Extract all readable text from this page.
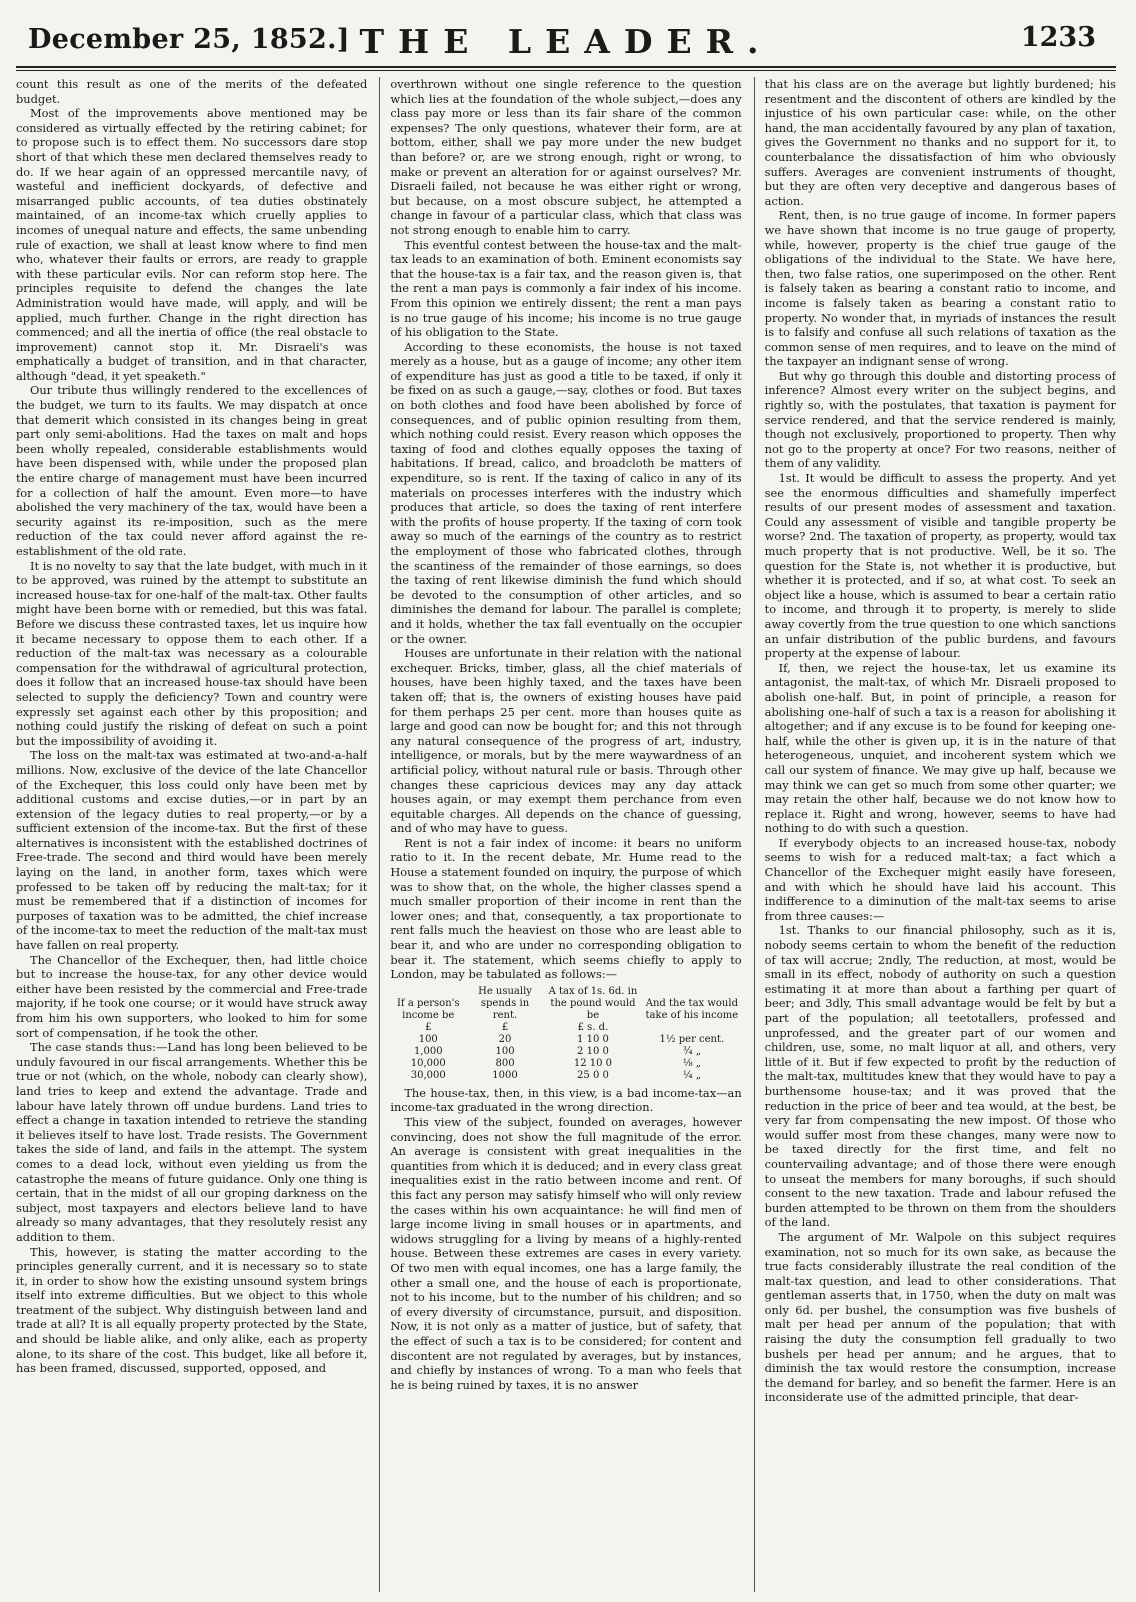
December 25, 1852.] THE LEADER.	1233

count this result as one of the merits of the defeated budget.

Most of the improvements above mentioned may be considered as virtually effected by the retiring cabinet; for to propose such is to effect them. No successors dare stop short of that which these men declared themselves ready to do. If we hear again of an oppressed mercantile navy, of wasteful and inefficient dockyards, of defective and misarranged public accounts, of tea duties obstinately maintained, of an income-tax which cruelly applies to incomes of unequal nature and effects, the same unbending rule of exaction, we shall at least know where to find men who, whatever their faults or errors, are ready to grapple with these particular evils. Nor can reform stop here. The principles requisite to defend the changes the late Administration would have made, will apply, and will be applied, much further. Change in the right direction has commenced; and all the inertia of office (the real obstacle to improvement) cannot stop it. Mr. Disraeli's was emphatically a budget of transition, and in that character, although "dead, it yet speaketh."

Our tribute thus willingly rendered to the excellences of the budget, we turn to its faults. We may dispatch at once that demerit which consisted in its changes being in great part only semi-abolitions. Had the taxes on malt and hops been wholly repealed, considerable establishments would have been dispensed with, while under the proposed plan the entire charge of management must have been incurred for a collection of half the amount. Even more—to have abolished the very machinery of the tax, would have been a security against its re-imposition, such as the mere reduction of the tax could never afford against the re-establishment of the old rate.

It is no novelty to say that the late budget, with much in it to be approved, was ruined by the attempt to substitute an increased house-tax for one-half of the malt-tax. Other faults might have been borne with or remedied, but this was fatal. Before we discuss these contrasted taxes, let us inquire how it became necessary to oppose them to each other. If a reduction of the malt-tax was necessary as a colourable compensation for the withdrawal of agricultural protection, does it follow that an increased house-tax should have been selected to supply the deficiency? Town and country were expressly set against each other by this proposition; and nothing could justify the risking of defeat on such a point but the impossibility of avoiding it.

The loss on the malt-tax was estimated at two-and-a-half millions. Now, exclusive of the device of the late Chancellor of the Exchequer, this loss could only have been met by additional customs and excise duties,—or in part by an extension of the legacy duties to real property,—or by a sufficient extension of the income-tax. But the first of these alternatives is inconsistent with the established doctrines of Free-trade. The second and third would have been merely laying on the land, in another form, taxes which were professed to be taken off by reducing the malt-tax; for it must be remembered that if a distinction of incomes for purposes of taxation was to be admitted, the chief increase of the income-tax to meet the reduction of the malt-tax must have fallen on real property.

The Chancellor of the Exchequer, then, had little choice but to increase the house-tax, for any other device would either have been resisted by the commercial and Free-trade majority, if he took one course; or it would have struck away from him his own supporters, who looked to him for some sort of compensation, if he took the other.

The case stands thus:—Land has long been believed to be unduly favoured in our fiscal arrangements. Whether this be true or not (which, on the whole, nobody can clearly show), land tries to keep and extend the advantage. Trade and labour have lately thrown off undue burdens. Land tries to effect a change in taxation intended to retrieve the standing it believes itself to have lost. Trade resists. The Government takes the side of land, and fails in the attempt. The system comes to a dead lock, without even yielding us from the catastrophe the means of future guidance. Only one thing is certain, that in the midst of all our groping darkness on the subject, most taxpayers and electors believe land to have already so many advantages, that they resolutely resist any addition to them.

This, however, is stating the matter according to the principles generally current, and it is necessary so to state it, in order to show how the existing unsound system brings itself into extreme difficulties. But we object to this whole treatment of the subject. Why distinguish between land and trade at all? It is all equally property protected by the State, and should be liable alike, and only alike, each as property alone, to its share of the cost. This budget, like all before it, has been framed, discussed, supported, opposed, and

overthrown without one single reference to the question which lies at the foundation of the whole subject,—does any class pay more or less than its fair share of the common expenses? The only questions, whatever their form, are at bottom, either, shall we pay more under the new budget than before? or, are we strong enough, right or wrong, to make or prevent an alteration for or against ourselves? Mr. Disraeli failed, not because he was either right or wrong, but because, on a most obscure subject, he attempted a change in favour of a particular class, which that class was not strong enough to enable him to carry.

This eventful contest between the house-tax and the malt-tax leads to an examination of both. Eminent economists say that the house-tax is a fair tax, and the reason given is, that the rent a man pays is commonly a fair index of his income. From this opinion we entirely dissent; the rent a man pays is no true gauge of his income; his income is no true gauge of his obligation to the State.

According to these economists, the house is not taxed merely as a house, but as a gauge of income; any other item of expenditure has just as good a title to be taxed, if only it be fixed on as such a gauge,—say, clothes or food. But taxes on both clothes and food have been abolished by force of consequences, and of public opinion resulting from them, which nothing could resist. Every reason which opposes the taxing of food and clothes equally opposes the taxing of habitations. If bread, calico, and broadcloth be matters of expenditure, so is rent. If the taxing of calico in any of its materials on processes interferes with the industry which produces that article, so does the taxing of rent interfere with the profits of house property. If the taxing of corn took away so much of the earnings of the country as to restrict the employment of those who fabricated clothes, through the scantiness of the remainder of those earnings, so does the taxing of rent likewise diminish the fund which should be devoted to the consumption of other articles, and so diminishes the demand for labour. The parallel is complete; and it holds, whether the tax fall eventually on the occupier or the owner.

Houses are unfortunate in their relation with the national exchequer. Bricks, timber, glass, all the chief materials of houses, have been highly taxed, and the taxes have been taken off; that is, the owners of existing houses have paid for them perhaps 25 per cent. more than houses quite as large and good can now be bought for; and this not through any natural consequence of the progress of art, industry, intelligence, or morals, but by the mere waywardness of an artificial policy, without natural rule or basis. Through other changes these capricious devices may any day attack houses again, or may exempt them perchance from even equitable charges. All depends on the chance of guessing, and of who may have to guess.

Rent is not a fair index of income: it bears no uniform ratio to it. In the recent debate, Mr. Hume read to the House a statement founded on inquiry, the purpose of which was to show that, on the whole, the higher classes spend a much smaller proportion of their income in rent than the lower ones; and that, consequently, a tax proportionate to rent falls much the heaviest on those who are least able to bear it, and who are under no corresponding obligation to bear it. The statement, which seems chiefly to apply to London, may be tabulated as follows:—

If a person's income be	He usually spends in rent.	A tax of 1s. 6d. in the pound would be	And the tax would take of his income
£	£	£ s. d.	
100	20	1 10 0	1½ per cent.
1,000	100	2 10 0	¾ „
10,000	800	12 10 0	⅛ „
30,000	1000	25 0 0	¼ „

The house-tax, then, in this view, is a bad income-tax—an income-tax graduated in the wrong direction.

This view of the subject, founded on averages, however convincing, does not show the full magnitude of the error. An average is consistent with great inequalities in the quantities from which it is deduced; and in every class great inequalities exist in the ratio between income and rent. Of this fact any person may satisfy himself who will only review the cases within his own acquaintance: he will find men of large income living in small houses or in apartments, and widows struggling for a living by means of a highly-rented house. Between these extremes are cases in every variety. Of two men with equal incomes, one has a large family, the other a small one, and the house of each is proportionate, not to his income, but to the number of his children; and so of every diversity of circumstance, pursuit, and disposition. Now, it is not only as a matter of justice, but of safety, that the effect of such a tax is to be considered; for content and discontent are not regulated by averages, but by instances, and chiefly by instances of wrong. To a man who feels that he is being ruined by taxes, it is no answer

that his class are on the average but lightly burdened; his resentment and the discontent of others are kindled by the injustice of his own particular case: while, on the other hand, the man accidentally favoured by any plan of taxation, gives the Government no thanks and no support for it, to counterbalance the dissatisfaction of him who obviously suffers. Averages are convenient instruments of thought, but they are often very deceptive and dangerous bases of action.

Rent, then, is no true gauge of income. In former papers we have shown that income is no true gauge of property, while, however, property is the chief true gauge of the obligations of the individual to the State. We have here, then, two false ratios, one superimposed on the other. Rent is falsely taken as bearing a constant ratio to income, and income is falsely taken as bearing a constant ratio to property. No wonder that, in myriads of instances the result is to falsify and confuse all such relations of taxation as the common sense of men requires, and to leave on the mind of the taxpayer an indignant sense of wrong.

But why go through this double and distorting process of inference? Almost every writer on the subject begins, and rightly so, with the postulates, that taxation is payment for service rendered, and that the service rendered is mainly, though not exclusively, proportioned to property. Then why not go to the property at once? For two reasons, neither of them of any validity.

1st. It would be difficult to assess the property. And yet see the enormous difficulties and shamefully imperfect results of our present modes of assessment and taxation. Could any assessment of visible and tangible property be worse? 2nd. The taxation of property, as property, would tax much property that is not productive. Well, be it so. The question for the State is, not whether it is productive, but whether it is protected, and if so, at what cost. To seek an object like a house, which is assumed to bear a certain ratio to income, and through it to property, is merely to slide away covertly from the true question to one which sanctions an unfair distribution of the public burdens, and favours property at the expense of labour.

If, then, we reject the house-tax, let us examine its antagonist, the malt-tax, of which Mr. Disraeli proposed to abolish one-half. But, in point of principle, a reason for abolishing one-half of such a tax is a reason for abolishing it altogether; and if any excuse is to be found for keeping one-half, while the other is given up, it is in the nature of that heterogeneous, unquiet, and incoherent system which we call our system of finance. We may give up half, because we may think we can get so much from some other quarter; we may retain the other half, because we do not know how to replace it. Right and wrong, however, seems to have had nothing to do with such a question.

If everybody objects to an increased house-tax, nobody seems to wish for a reduced malt-tax; a fact which a Chancellor of the Exchequer might easily have foreseen, and with which he should have laid his account. This indifference to a diminution of the malt-tax seems to arise from three causes:—

1st. Thanks to our financial philosophy, such as it is, nobody seems certain to whom the benefit of the reduction of tax will accrue; 2ndly, The reduction, at most, would be small in its effect, nobody of authority on such a question estimating it at more than about a farthing per quart of beer; and 3dly, This small advantage would be felt by but a part of the population; all teetotallers, professed and unprofessed, and the greater part of our women and children, use, some, no malt liquor at all, and others, very little of it. But if few expected to profit by the reduction of the malt-tax, multitudes knew that they would have to pay a burthensome house-tax; and it was proved that the reduction in the price of beer and tea would, at the best, be very far from compensating the new impost. Of those who would suffer most from these changes, many were now to be taxed directly for the first time, and felt no countervailing advantage; and of those there were enough to unseat the members for many boroughs, if such should consent to the new taxation. Trade and labour refused the burden attempted to be thrown on them from the shoulders of the land.

The argument of Mr. Walpole on this subject requires examination, not so much for its own sake, as because the true facts considerably illustrate the real condition of the malt-tax question, and lead to other considerations. That gentleman asserts that, in 1750, when the duty on malt was only 6d. per bushel, the consumption was five bushels of malt per head per annum of the population; that with raising the duty the consumption fell gradually to two bushels per head per annum; and he argues, that to diminish the tax would restore the consumption, increase the demand for barley, and so benefit the farmer. Here is an inconsiderate use of the admitted principle, that dear-
